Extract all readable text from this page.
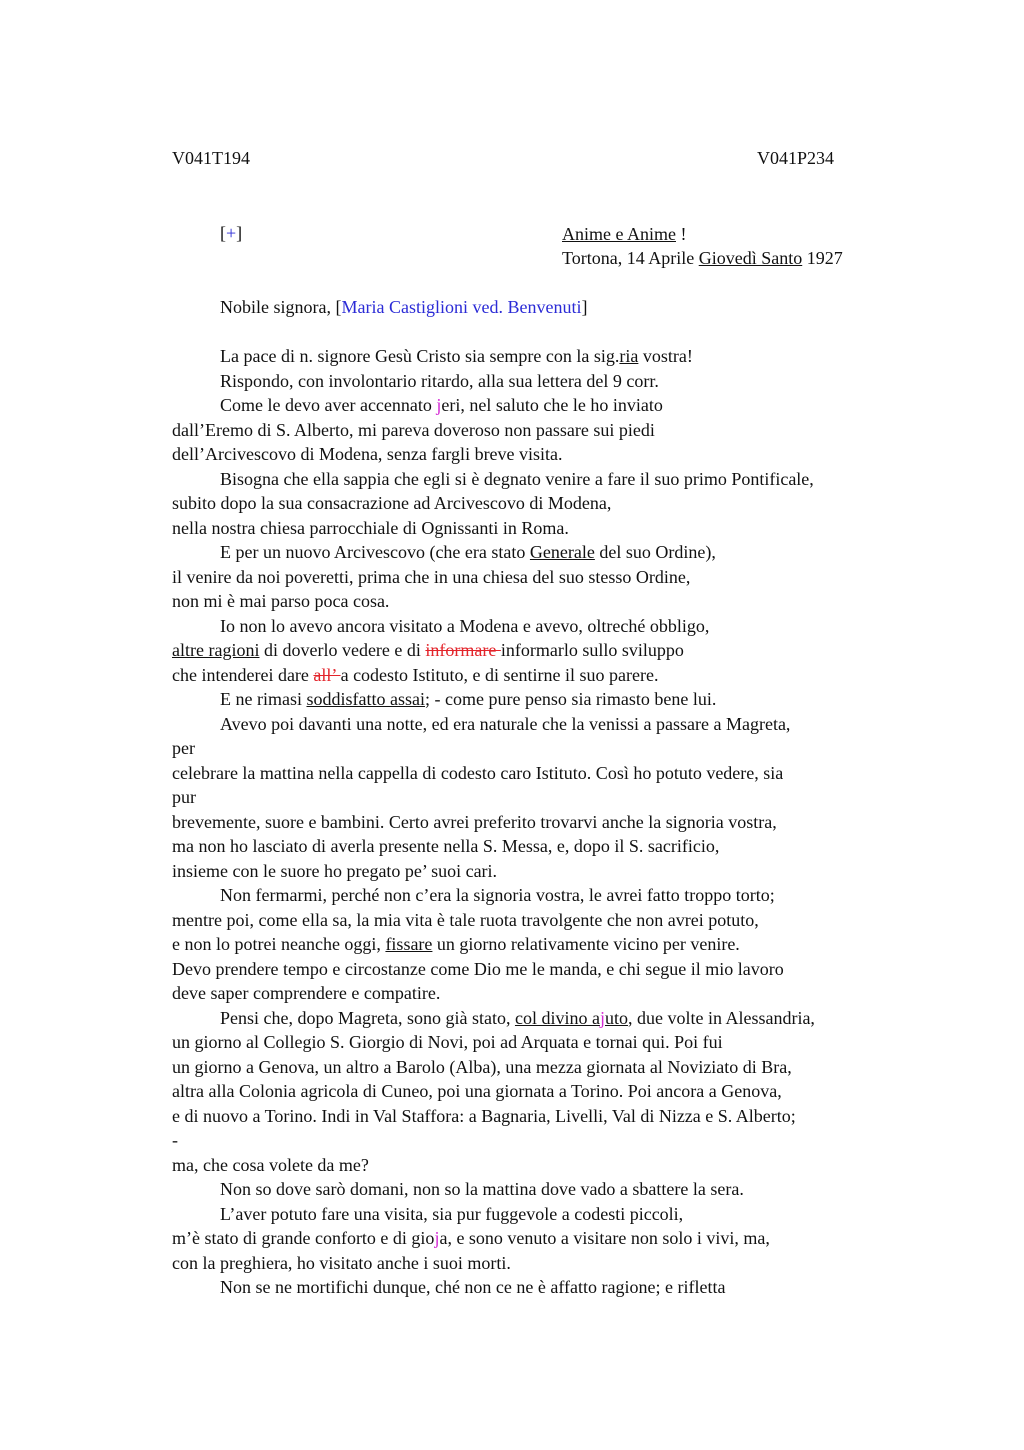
V041T194	V041P234
[+]	Anime e Anime !
Tortona, 14 Aprile Giovedì Santo 1927
Nobile signora, [Maria Castiglioni ved. Benvenuti]
La pace di n. signore Gesù Cristo sia sempre con la sig.ria vostra!
Rispondo, con involontario ritardo, alla sua lettera del 9 corr.
Come le devo aver accennato jeri, nel saluto che le ho inviato
dall’Eremo di S. Alberto, mi pareva doveroso non passare sui piedi
dell’Arcivescovo di Modena, senza fargli breve visita.
Bisogna che ella sappia che egli si è degnato venire a fare il suo primo Pontificale,
subito dopo la sua consacrazione ad Arcivescovo di Modena,
nella nostra chiesa parrocchiale di Ognissanti in Roma.
E per un nuovo Arcivescovo (che era stato Generale del suo Ordine),
il venire da noi poveretti, prima che in una chiesa del suo stesso Ordine,
non mi è mai parso poca cosa.
Io non lo avevo ancora visitato a Modena e avevo, oltreché obbligo,
altre ragioni di doverlo vedere e di informare informarlo sullo sviluppo
che intenderei dare all’ a codesto Istituto, e di sentirne il suo parere.
E ne rimasi soddisfatto assai; - come pure penso sia rimasto bene lui.
Avevo poi davanti una notte, ed era naturale che la venissi a passare a Magreta,
per
celebrare la mattina nella cappella di codesto caro Istituto. Così ho potuto vedere, sia
pur
brevemente, suore e bambini. Certo avrei preferito trovarvi anche la signoria vostra,
ma non ho lasciato di averla presente nella S. Messa, e, dopo il S. sacrificio,
insieme con le suore ho pregato pe’ suoi cari.
Non fermarmi, perché non c’era la signoria vostra, le avrei fatto troppo torto;
mentre poi, come ella sa, la mia vita è tale ruota travolgente che non avrei potuto,
e non lo potrei neanche oggi, fissare un giorno relativamente vicino per venire.
Devo prendere tempo e circostanze come Dio me le manda, e chi segue il mio lavoro
deve saper comprendere e compatire.
Pensi che, dopo Magreta, sono già stato, col divino ajuto, due volte in Alessandria,
un giorno al Collegio S. Giorgio di Novi, poi ad Arquata e tornai qui. Poi fui
un giorno a Genova, un altro a Barolo (Alba), una mezza giornata al Noviziato di Bra,
altra alla Colonia agricola di Cuneo, poi una giornata a Torino. Poi ancora a Genova,
e di nuovo a Torino. Indi in Val Staffora: a Bagnaria, Livelli, Val di Nizza e S. Alberto;
-
ma, che cosa volete da me?
Non so dove sarò domani, non so la mattina dove vado a sbattere la sera.
L’aver potuto fare una visita, sia pur fuggevole a codesti piccoli,
m’è stato di grande conforto e di gioja, e sono venuto a visitare non solo i vivi, ma,
con la preghiera, ho visitato anche i suoi morti.
Non se ne mortifichi dunque, ché non ce ne è affatto ragione; e rifletta
